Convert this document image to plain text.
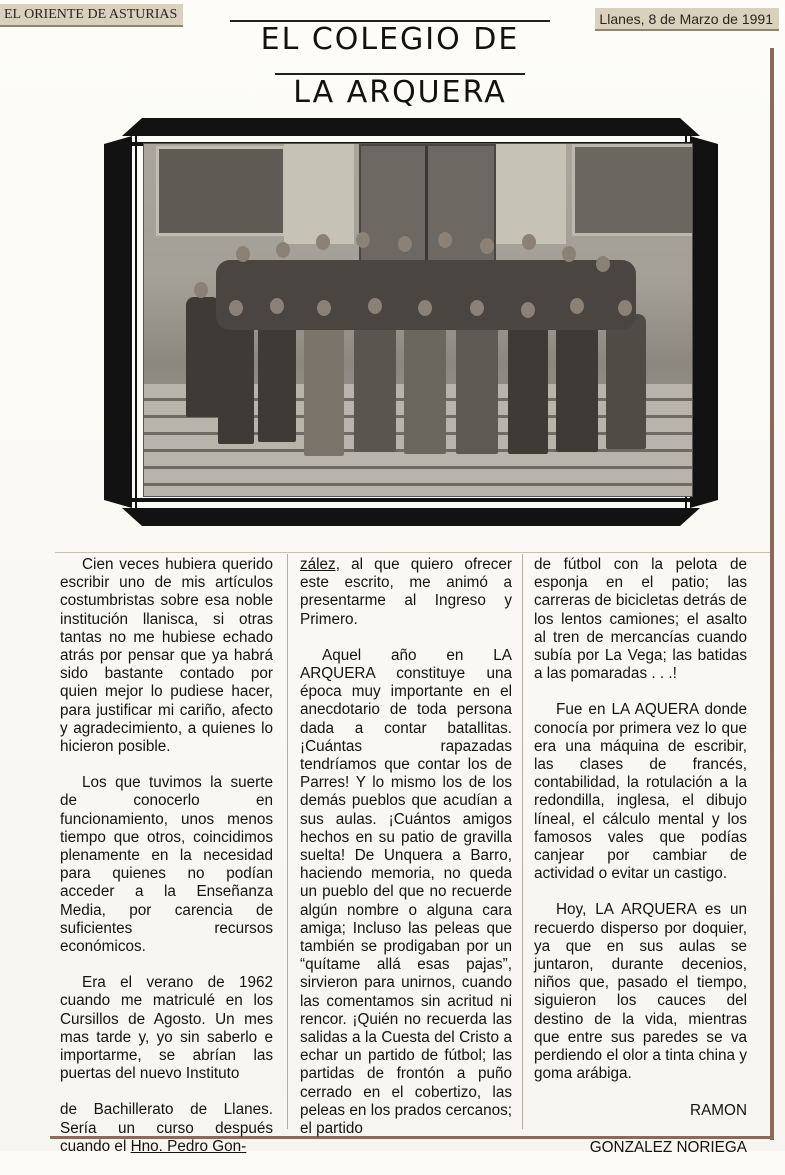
EL ORIENTE DE ASTURIAS	Llanes, 8 de Marzo de 1991
EL COLEGIO DE
LA ARQUERA

Cien veces hubiera querido escribir uno de mis artículos costumbristas sobre esa noble institución llanisca, si otras tantas no me hubiese echado atrás por pensar que ya habrá sido bastante contado por quien mejor lo pudiese hacer, para justificar mi cariño, afecto y agradecimiento, a quienes lo hicieron posible.

Los que tuvimos la suerte de conocerlo en funcionamiento, unos menos tiempo que otros, coincidimos plenamente en la necesidad para quienes no podían acceder a la Enseñanza Media, por carencia de suficientes recursos económicos.

Era el verano de 1962 cuando me matriculé en los Cursillos de Agosto. Un mes mas tarde y, yo sin saberlo e importarme, se abrían las puertas del nuevo Instituto

de Bachillerato de Llanes. Sería un curso después cuando el Hno. Pedro Gon-

zález, al que quiero ofrecer este escrito, me animó a presentarme al Ingreso y Primero.

Aquel año en LA ARQUERA constituye una época muy importante en el anecdotario de toda persona dada a contar batallitas. ¡Cuántas rapazadas tendríamos que contar los de Parres! Y lo mismo los de los demás pueblos que acudían a sus aulas. ¡Cuántos amigos hechos en su patio de gravilla suelta! De Unquera a Barro, haciendo memoria, no queda un pueblo del que no recuerde algún nombre o alguna cara amiga; Incluso las peleas que también se prodigaban por un “quítame allá esas pajas”, sirvieron para unirnos, cuando las comentamos sin acritud ni rencor. ¡Quién no recuerda las salidas a la Cuesta del Cristo a echar un partido de fútbol; las partidas de frontón a puño cerrado en el cobertizo, las peleas en los prados cercanos; el partido

de fútbol con la pelota de esponja en el patio; las carreras de bicicletas detrás de los lentos camiones; el asalto al tren de mercancías cuando subía por La Vega; las batidas a las pomaradas . . .!

Fue en LA AQUERA donde conocía por primera vez lo que era una máquina de escribir, las clases de francés, contabilidad, la rotulación a la redondilla, inglesa, el dibujo líneal, el cálculo mental y los famosos vales que podías canjear por cambiar de actividad o evitar un castigo.

Hoy, LA ARQUERA es un recuerdo disperso por doquier, ya que en sus aulas se juntaron, durante decenios, niños que, pasado el tiempo, siguieron los cauces del destino de la vida, mientras que entre sus paredes se va perdiendo el olor a tinta china y goma arábiga.

RAMON

GONZALEZ NORIEGA
